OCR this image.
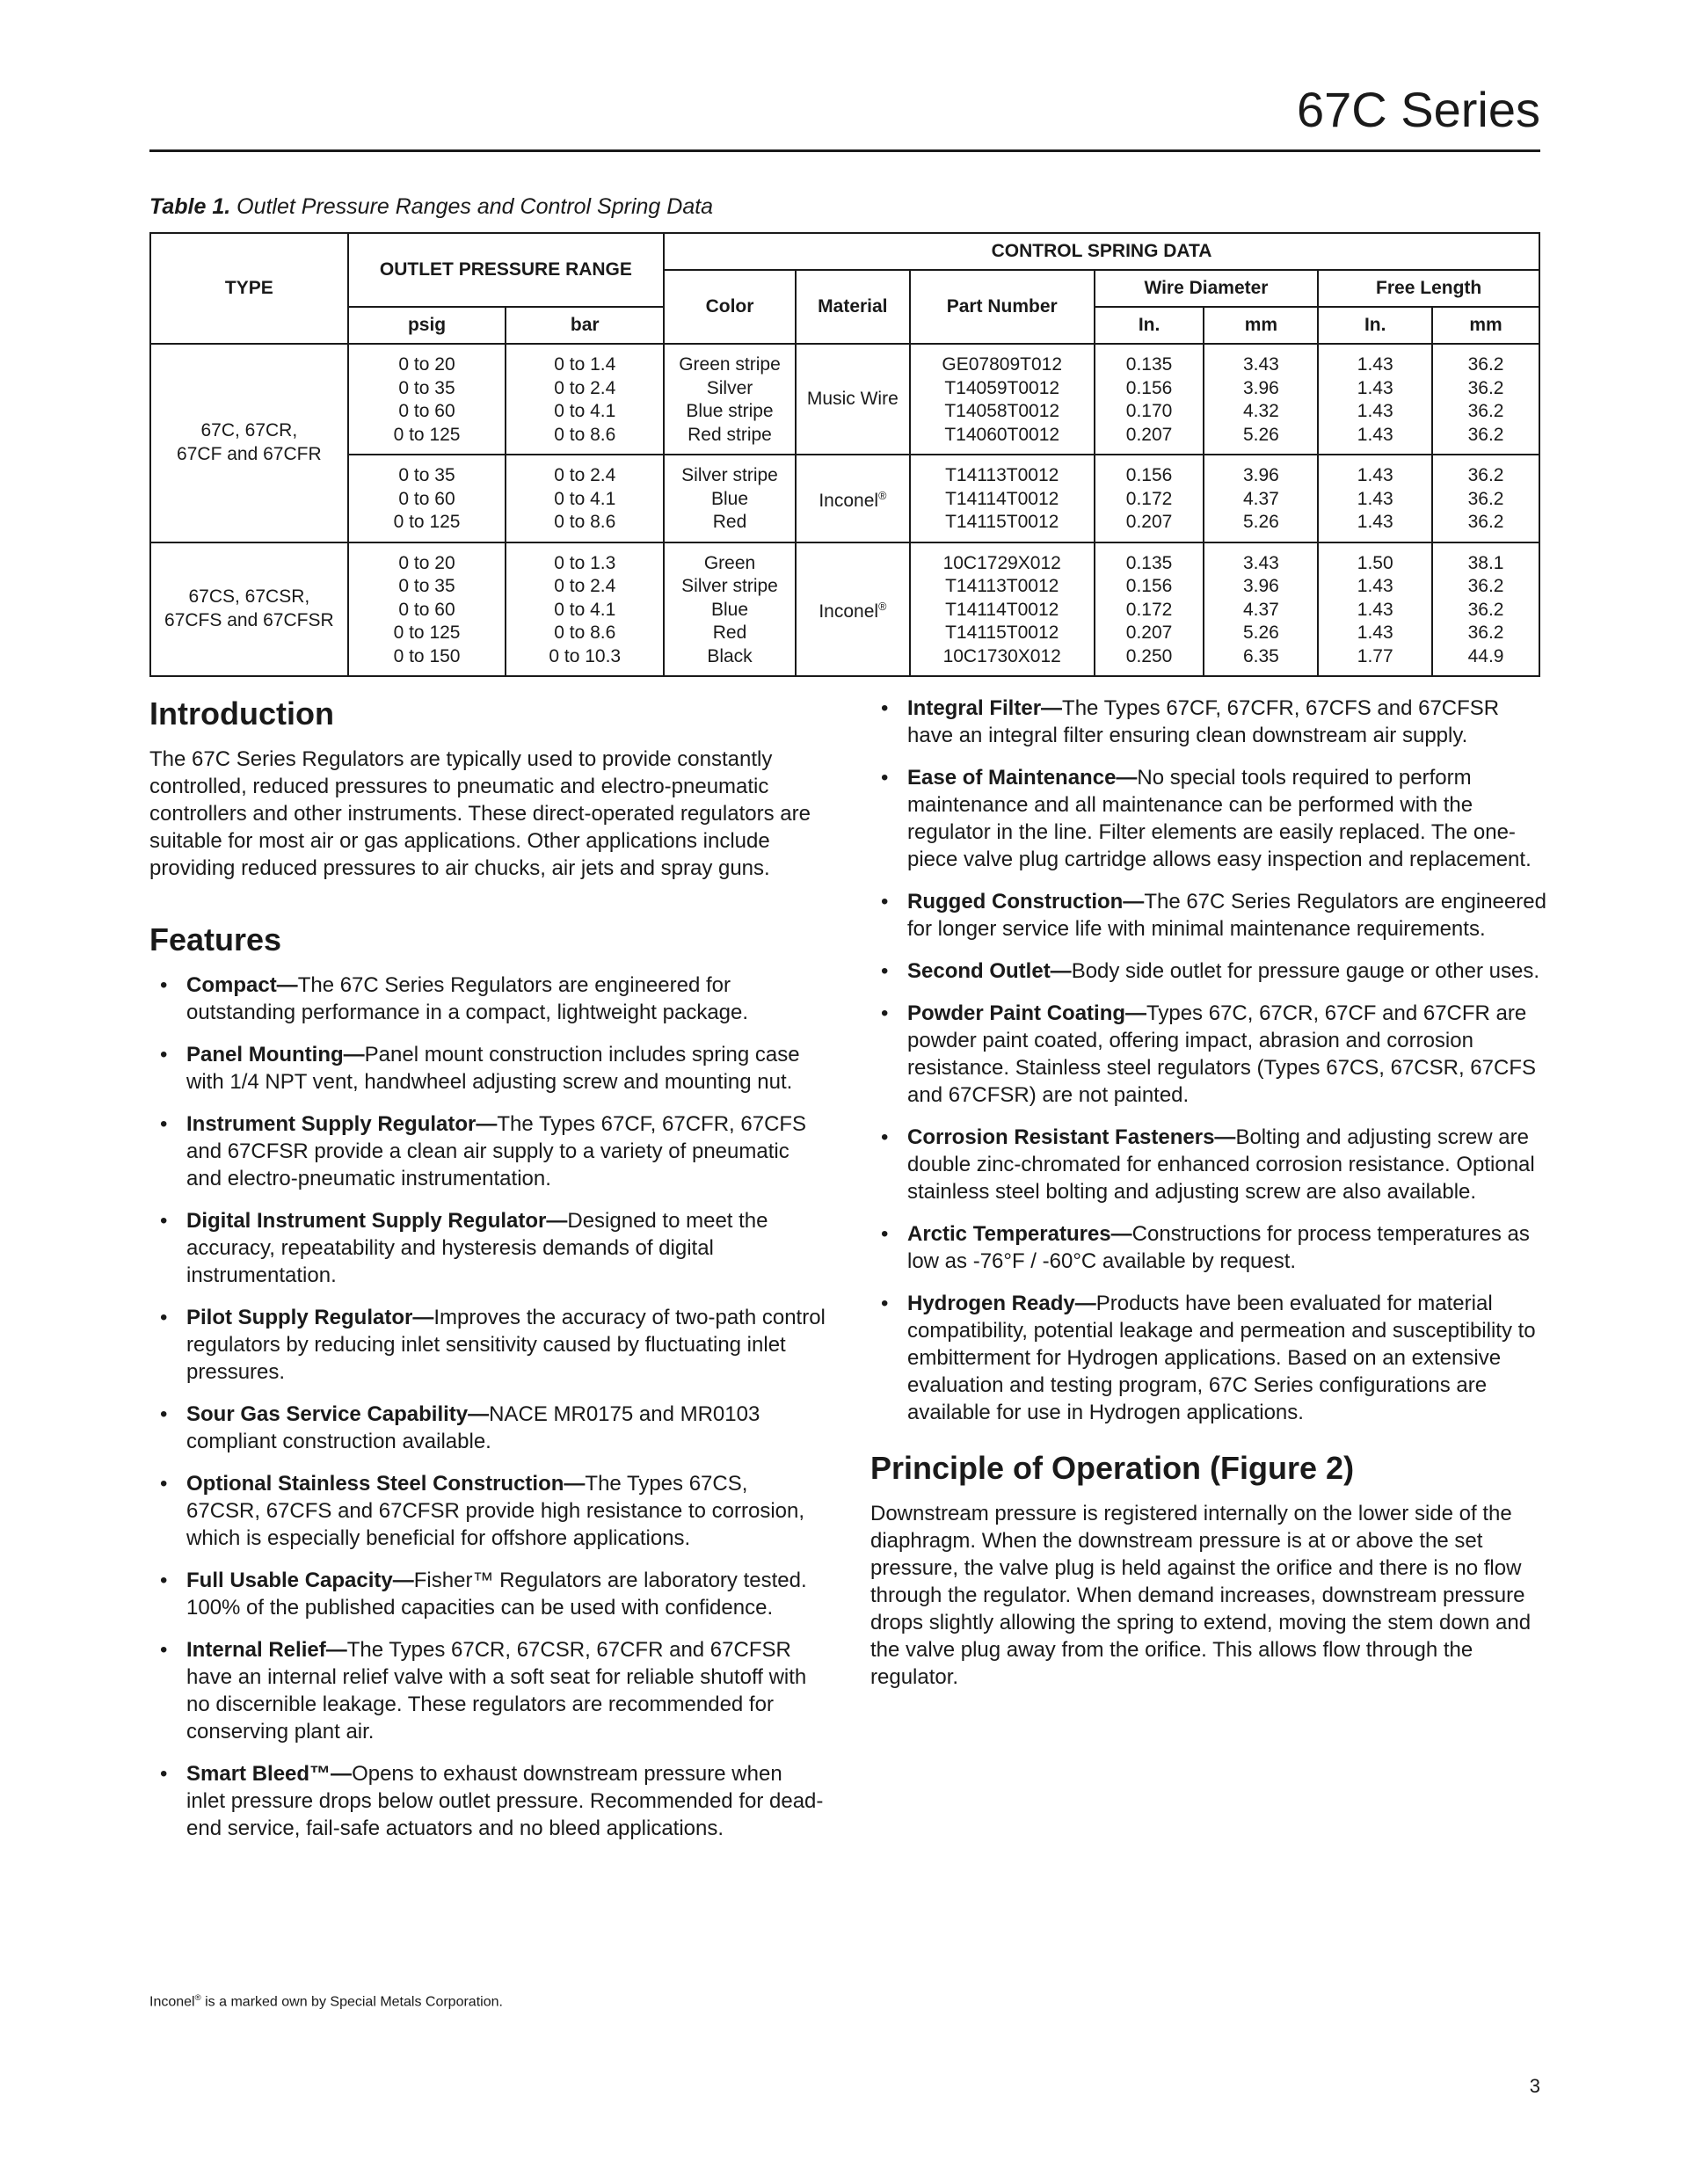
67C Series
Table 1. Outlet Pressure Ranges and Control Spring Data
TYPE	OUTLET PRESSURE RANGE		CONTROL SPRING DATA						
			Color	Material	Part Number	Wire Diameter		Free Length	
	psig	bar				In.	mm	In.	mm
67C, 67CR,
67CF and 67CFR	0 to 20	0 to 1.4	Green stripe	Music Wire	GE07809T012	0.135	3.43	1.43	36.2
	0 to 35	0 to 2.4	Silver		T14059T0012	0.156	3.96	1.43	36.2
	0 to 60	0 to 4.1	Blue stripe		T14058T0012	0.170	4.32	1.43	36.2
	0 to 125	0 to 8.6	Red stripe		T14060T0012	0.207	5.26	1.43	36.2
	0 to 35	0 to 2.4	Silver stripe	Inconel®	T14113T0012	0.156	3.96	1.43	36.2
	0 to 60	0 to 4.1	Blue		T14114T0012	0.172	4.37	1.43	36.2
	0 to 125	0 to 8.6	Red		T14115T0012	0.207	5.26	1.43	36.2
67CS, 67CSR,
67CFS and 67CFSR	0 to 20	0 to 1.3	Green	Inconel®	10C1729X012	0.135	3.43	1.50	38.1
	0 to 35	0 to 2.4	Silver stripe		T14113T0012	0.156	3.96	1.43	36.2
	0 to 60	0 to 4.1	Blue		T14114T0012	0.172	4.37	1.43	36.2
	0 to 125	0 to 8.6	Red		T14115T0012	0.207	5.26	1.43	36.2
	0 to 150	0 to 10.3	Black		10C1730X012	0.250	6.35	1.77	44.9
Introduction

The 67C Series Regulators are typically used to provide constantly controlled, reduced pressures to pneumatic and electro-pneumatic controllers and other instruments. These direct-operated regulators are suitable for most air or gas applications. Other applications include providing reduced pressures to air chucks, air jets and spray guns.

Features
• Compact—The 67C Series Regulators are engineered for outstanding performance in a compact, lightweight package.
• Panel Mounting—Panel mount construction includes spring case with 1/4 NPT vent, handwheel adjusting screw and mounting nut.
• Instrument Supply Regulator—The Types 67CF, 67CFR, 67CFS and 67CFSR provide a clean air supply to a variety of pneumatic and electro-pneumatic instrumentation.
• Digital Instrument Supply Regulator—Designed to meet the accuracy, repeatability and hysteresis demands of digital instrumentation.
• Pilot Supply Regulator—Improves the accuracy of two-path control regulators by reducing inlet sensitivity caused by fluctuating inlet pressures.
• Sour Gas Service Capability—NACE MR0175 and MR0103 compliant construction available.
• Optional Stainless Steel Construction—The Types 67CS, 67CSR, 67CFS and 67CFSR provide high resistance to corrosion, which is especially beneficial for offshore applications.
• Full Usable Capacity—Fisher™ Regulators are laboratory tested. 100% of the published capacities can be used with confidence.
• Internal Relief—The Types 67CR, 67CSR, 67CFR and 67CFSR have an internal relief valve with a soft seat for reliable shutoff with no discernible leakage. These regulators are recommended for conserving plant air.
• Smart Bleed™—Opens to exhaust downstream pressure when inlet pressure drops below outlet pressure. Recommended for dead-end service, fail-safe actuators and no bleed applications.
• Integral Filter—The Types 67CF, 67CFR, 67CFS and 67CFSR have an integral filter ensuring clean downstream air supply.
• Ease of Maintenance—No special tools required to perform maintenance and all maintenance can be performed with the regulator in the line. Filter elements are easily replaced. The one-piece valve plug cartridge allows easy inspection and replacement.
• Rugged Construction—The 67C Series Regulators are engineered for longer service life with minimal maintenance requirements.
• Second Outlet—Body side outlet for pressure gauge or other uses.
• Powder Paint Coating—Types 67C, 67CR, 67CF and 67CFR are powder paint coated, offering impact, abrasion and corrosion resistance. Stainless steel regulators (Types 67CS, 67CSR, 67CFS and 67CFSR) are not painted.
• Corrosion Resistant Fasteners—Bolting and adjusting screw are double zinc-chromated for enhanced corrosion resistance. Optional stainless steel bolting and adjusting screw are also available.
• Arctic Temperatures—Constructions for process temperatures as low as -76°F / -60°C available by request.
• Hydrogen Ready—Products have been evaluated for material compatibility, potential leakage and permeation and susceptibility to embitterment for Hydrogen applications. Based on an extensive evaluation and testing program, 67C Series configurations are available for use in Hydrogen applications.
Principle of Operation (Figure 2)

Downstream pressure is registered internally on the lower side of the diaphragm. When the downstream pressure is at or above the set pressure, the valve plug is held against the orifice and there is no flow through the regulator. When demand increases, downstream pressure drops slightly allowing the spring to extend, moving the stem down and the valve plug away from the orifice. This allows flow through the regulator.

Inconel® is a marked own by Special Metals Corporation.
3
